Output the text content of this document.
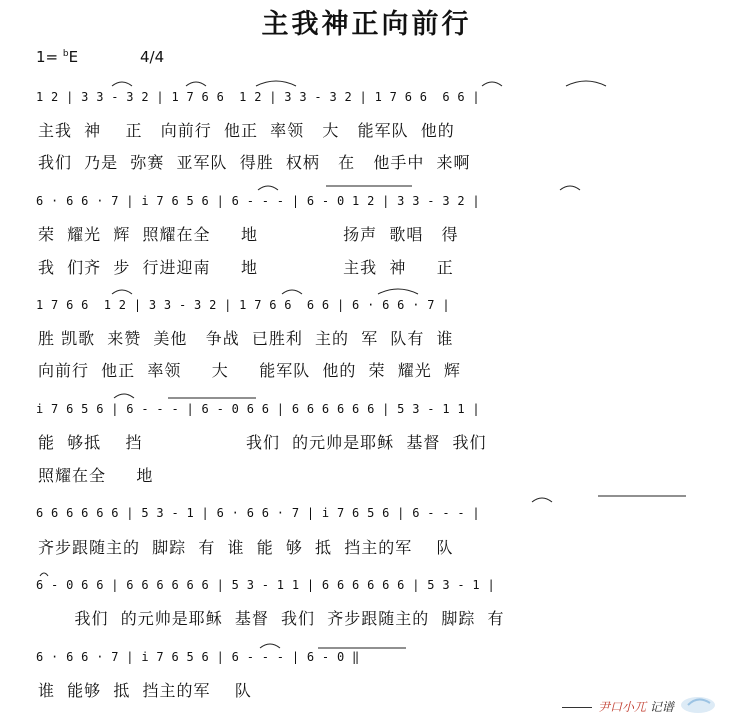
主我神正向前行
1= $^b$E	4/4
1 2 | 3 3 - 3 2 | 1 7 6 6  1 2 | 3 3 - 3 2 | 1 7 6 6  6 6 |
主我  神    正   向前行  他正  率领   大   能军队  他的
我们  乃是  弥赛  亚军队  得胜  权柄   在   他手中  来啊
6 · 6 6 · 7 | i 7 6 5 6 | 6 - - - | 6 - 0 1 2 | 3 3 - 3 2 |
荣  耀光  辉  照耀在全     地              扬声  歌唱   得
我  们齐  步  行进迎南     地              主我  神     正
1 7 6 6  1 2 | 3 3 - 3 2 | 1 7 6 6  6 6 | 6 · 6 6 · 7 |
胜 凯歌  来赞  美他   争战  已胜利  主的  军  队有  谁
向前行  他正  率领     大     能军队  他的  荣  耀光  辉
i 7 6 5 6 | 6 - - - | 6 - 0 6 6 | 6 6 6 6 6 6 | 5 3 - 1 1 |
能  够抵    挡                 我们  的元帅是耶稣  基督  我们
照耀在全     地
6 6 6 6 6 6 | 5 3 - 1 | 6 · 6 6 · 7 | i 7 6 5 6 | 6 - - - |
齐步跟随主的  脚踪  有  谁  能  够  抵  挡主的军    队
6 - 0 6 6 | 6 6 6 6 6 6 | 5 3 - 1 1 | 6 6 6 6 6 6 | 5 3 - 1 |
我们  的元帅是耶稣  基督  我们  齐步跟随主的  脚踪  有
6 · 6 6 · 7 | i 7 6 5 6 | 6 - - - | 6 - 0 ‖
谁  能够  抵  挡主的军    队
尹口小兀 记谱
